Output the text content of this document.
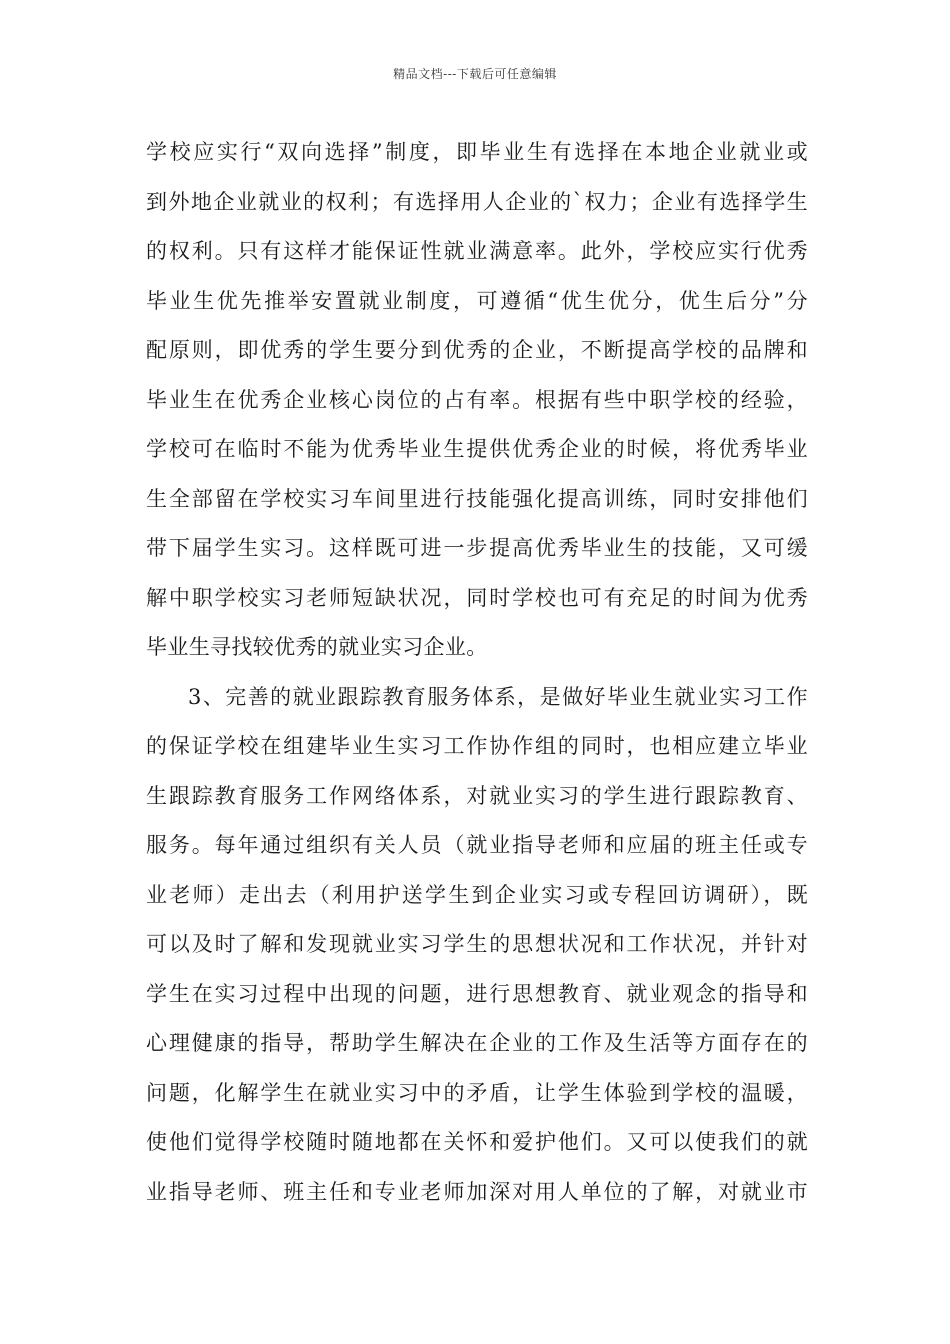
精品文档---下载后可任意编辑
学校应实行“双向选择”制度，即毕业生有选择在本地企业就业或
到外地企业就业的权利；有选择用人企业的`权力；企业有选择学生
的权利。只有这样才能保证性就业满意率。此外，学校应实行优秀
毕业生优先推举安置就业制度，可遵循“优生优分，优生后分”分
配原则，即优秀的学生要分到优秀的企业，不断提高学校的品牌和
毕业生在优秀企业核心岗位的占有率。根据有些中职学校的经验，
学校可在临时不能为优秀毕业生提供优秀企业的时候，将优秀毕业
生全部留在学校实习车间里进行技能强化提高训练，同时安排他们
带下届学生实习。这样既可进一步提高优秀毕业生的技能，又可缓
解中职学校实习老师短缺状况，同时学校也可有充足的时间为优秀
毕业生寻找较优秀的就业实习企业。
3、完善的就业跟踪教育服务体系，是做好毕业生就业实习工作
的保证学校在组建毕业生实习工作协作组的同时，也相应建立毕业
生跟踪教育服务工作网络体系，对就业实习的学生进行跟踪教育、
服务。每年通过组织有关人员（就业指导老师和应届的班主任或专
业老师）走出去（利用护送学生到企业实习或专程回访调研），既
可以及时了解和发现就业实习学生的思想状况和工作状况，并针对
学生在实习过程中出现的问题，进行思想教育、就业观念的指导和
心理健康的指导，帮助学生解决在企业的工作及生活等方面存在的
问题，化解学生在就业实习中的矛盾，让学生体验到学校的温暖，
使他们觉得学校随时随地都在关怀和爱护他们。又可以使我们的就
业指导老师、班主任和专业老师加深对用人单位的了解，对就业市
